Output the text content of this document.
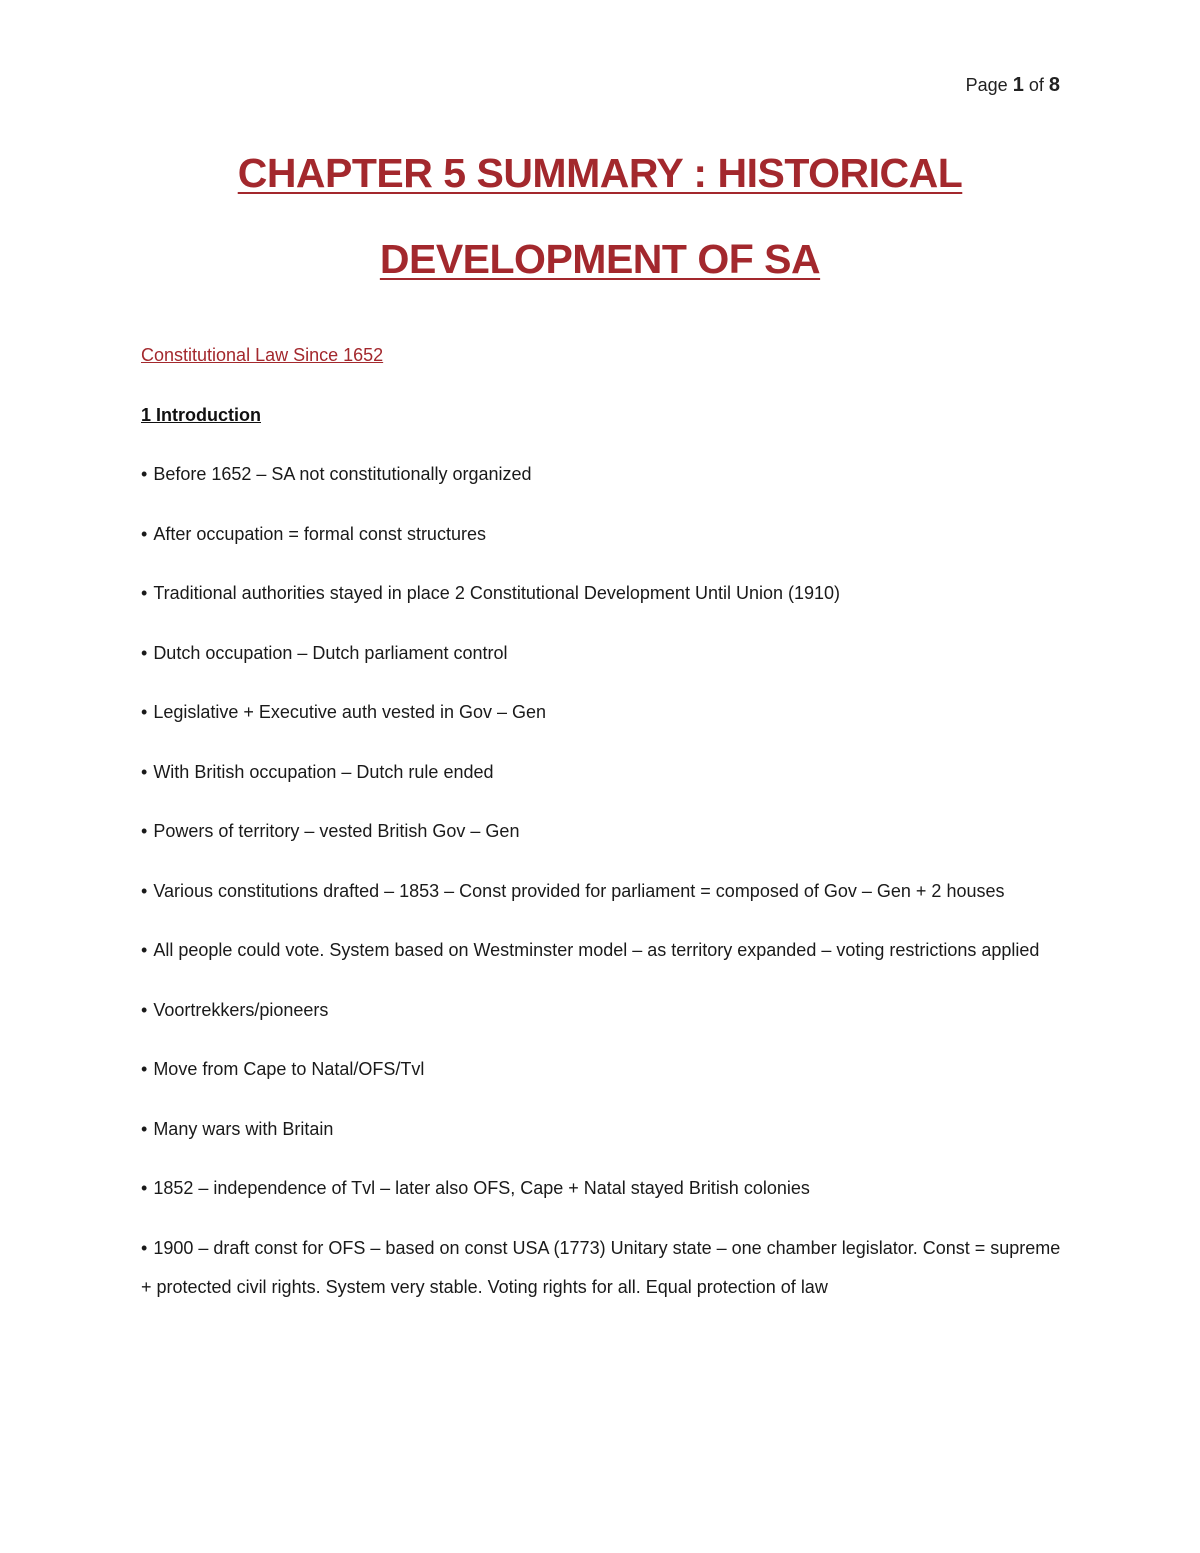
Page 1 of 8
CHAPTER 5 SUMMARY : HISTORICAL
DEVELOPMENT OF SA

Constitutional Law Since 1652

1 Introduction

• Before 1652 – SA not constitutionally organized

• After occupation = formal const structures

• Traditional authorities stayed in place 2 Constitutional Development Until Union (1910)

• Dutch occupation – Dutch parliament control

• Legislative + Executive auth vested in Gov – Gen

• With British occupation – Dutch rule ended

• Powers of territory – vested British Gov – Gen

• Various constitutions drafted – 1853 – Const provided for parliament = composed of Gov – Gen + 2 houses

• All people could vote. System based on Westminster model – as territory expanded – voting restrictions applied

• Voortrekkers/pioneers

• Move from Cape to Natal/OFS/Tvl

• Many wars with Britain

• 1852 – independence of Tvl – later also OFS, Cape + Natal stayed British colonies

• 1900 – draft const for OFS – based on const USA (1773) Unitary state – one chamber legislator. Const = supreme + protected civil rights. System very stable. Voting rights for all. Equal protection of law
